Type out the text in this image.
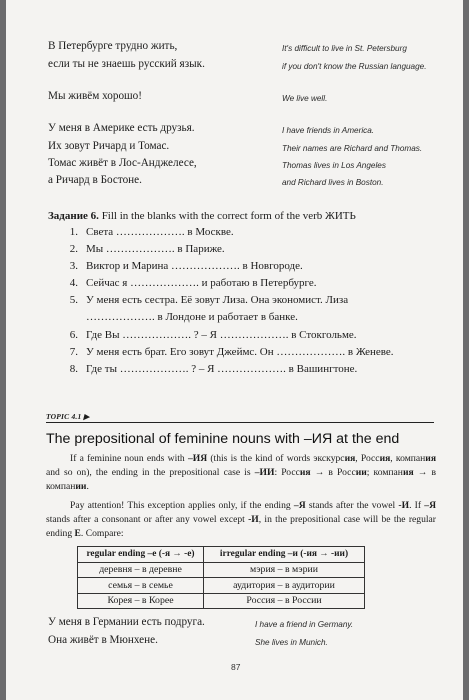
В Петербурге трудно жить,
если ты не знаешь русский язык.
Мы живём хорошо!
У меня в Америке есть друзья.
Их зовут Ричард и Томас.
Томас живёт в Лос-Анджелесе,
а Ричард в Бостоне.
It's difficult to live in St. Petersburg
if you don't know the Russian language.
We live well.
I have friends in America.
Their names are Richard and Thomas.
Thomas lives in Los Angeles
and Richard lives in Boston.
Задание 6. Fill in the blanks with the correct form of the verb ЖИТЬ
1. Света ………………. в Москве.
2. Мы ………………. в Париже.
3. Виктор и Марина ………………. в Новгороде.
4. Сейчас я ………………. и работаю в Петербурге.
5. У меня есть сестра. Её зовут Лиза. Она экономист. Лиза
………………. в Лондоне и работает в банке.
6. Где Вы ………………. ? – Я ………………. в Стокгольме.
7. У меня есть брат. Его зовут Джеймс. Он ………………. в Женеве.
8. Где ты ………………. ? – Я ………………. в Вашингтоне.
TOPIC 4.1 ▶
The prepositional of feminine nouns with –ИЯ at the end
If a feminine noun ends with –ИЯ (this is the kind of words экскурсия, Россия, компания and so on), the ending in the prepositional case is –ИИ: Россия → в России; компания → в компании.
Pay attention! This exception applies only, if the ending –Я stands after the vowel -И. If –Я stands after a consonant or after any vowel except -И, in the prepositional case will be the regular ending Е. Compare:
regular ending –е (-я → -е)	irregular ending –и (-ия → -ии)
деревня – в деревне	мэрия – в мэрии
семья – в семье	аудитория – в аудитории
Корея – в Корее	Россия – в России
У меня в Германии есть подруга.
Она живёт в Мюнхене.
I have a friend in Germany.
She lives in Munich.
87
